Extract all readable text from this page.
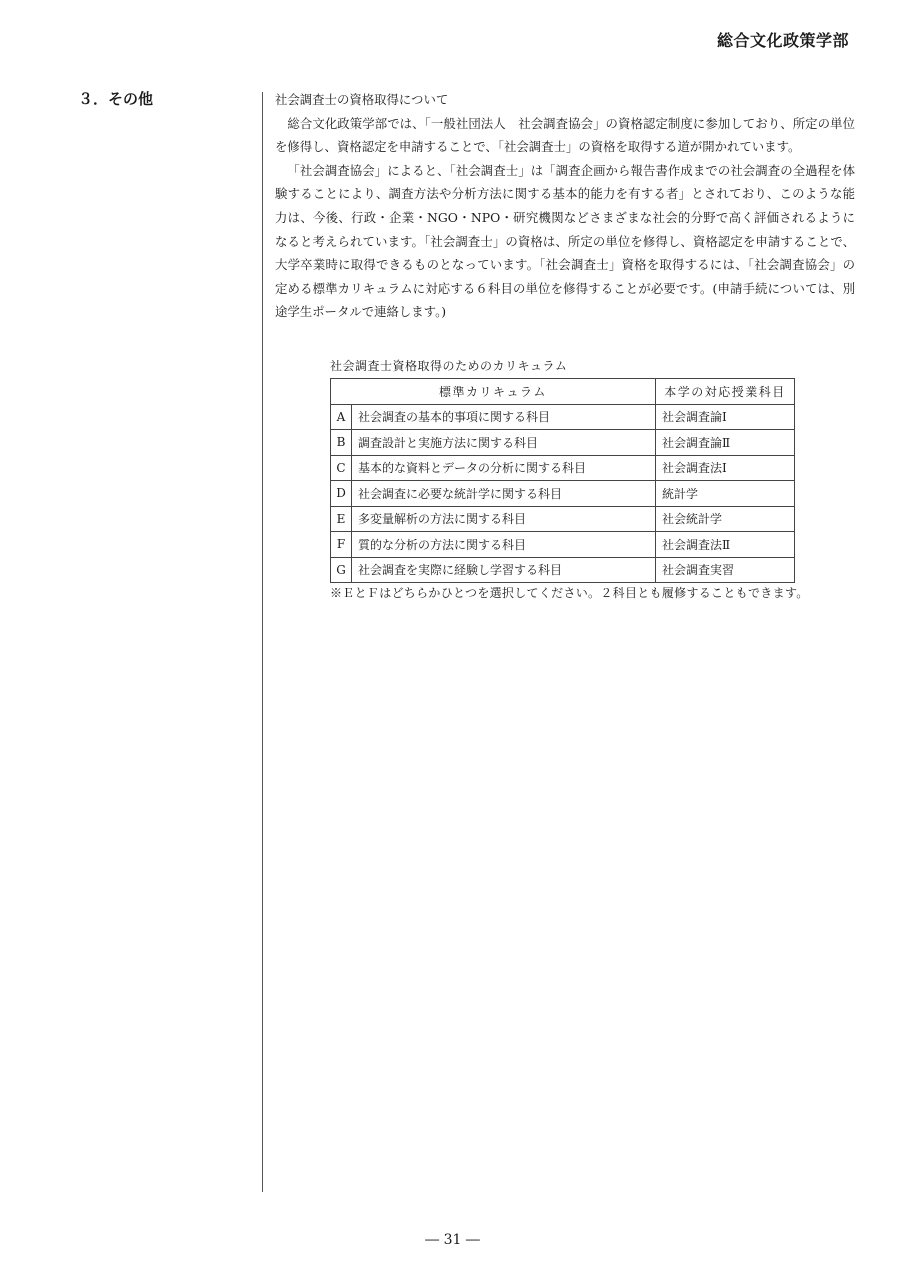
総合文化政策学部
３．その他	社会調査士の資格取得について

総合文化政策学部では、「一般社団法人　社会調査協会」の資格認定制度に参加しており、所定の単位を修得し、資格認定を申請することで、「社会調査士」の資格を取得する道が開かれています。

「社会調査協会」によると、「社会調査士」は「調査企画から報告書作成までの社会調査の全過程を体験することにより、調査方法や分析方法に関する基本的能力を有する者」とされており、このような能力は、今後、行政・企業・NGO・NPO・研究機関などさまざまな社会的分野で高く評価されるようになると考えられています。「社会調査士」の資格は、所定の単位を修得し、資格認定を申請することで、大学卒業時に取得できるものとなっています。「社会調査士」資格を取得するには、「社会調査協会」の定める標準カリキュラムに対応する６科目の単位を修得することが必要です。(申請手続については、別途学生ポータルで連絡します。)

社会調査士資格取得のためのカリキュラム

標準カリキュラム		本学の対応授業科目
A	社会調査の基本的事項に関する科目	社会調査論Ⅰ
B	調査設計と実施方法に関する科目	社会調査論Ⅱ
C	基本的な資料とデータの分析に関する科目	社会調査法Ⅰ
D	社会調査に必要な統計学に関する科目	統計学
E	多変量解析の方法に関する科目	社会統計学
F	質的な分析の方法に関する科目	社会調査法Ⅱ
G	社会調査を実際に経験し学習する科目	社会調査実習

※ＥとＦはどちらかひとつを選択してください。２科目とも履修することもできます。

― 31 ―
